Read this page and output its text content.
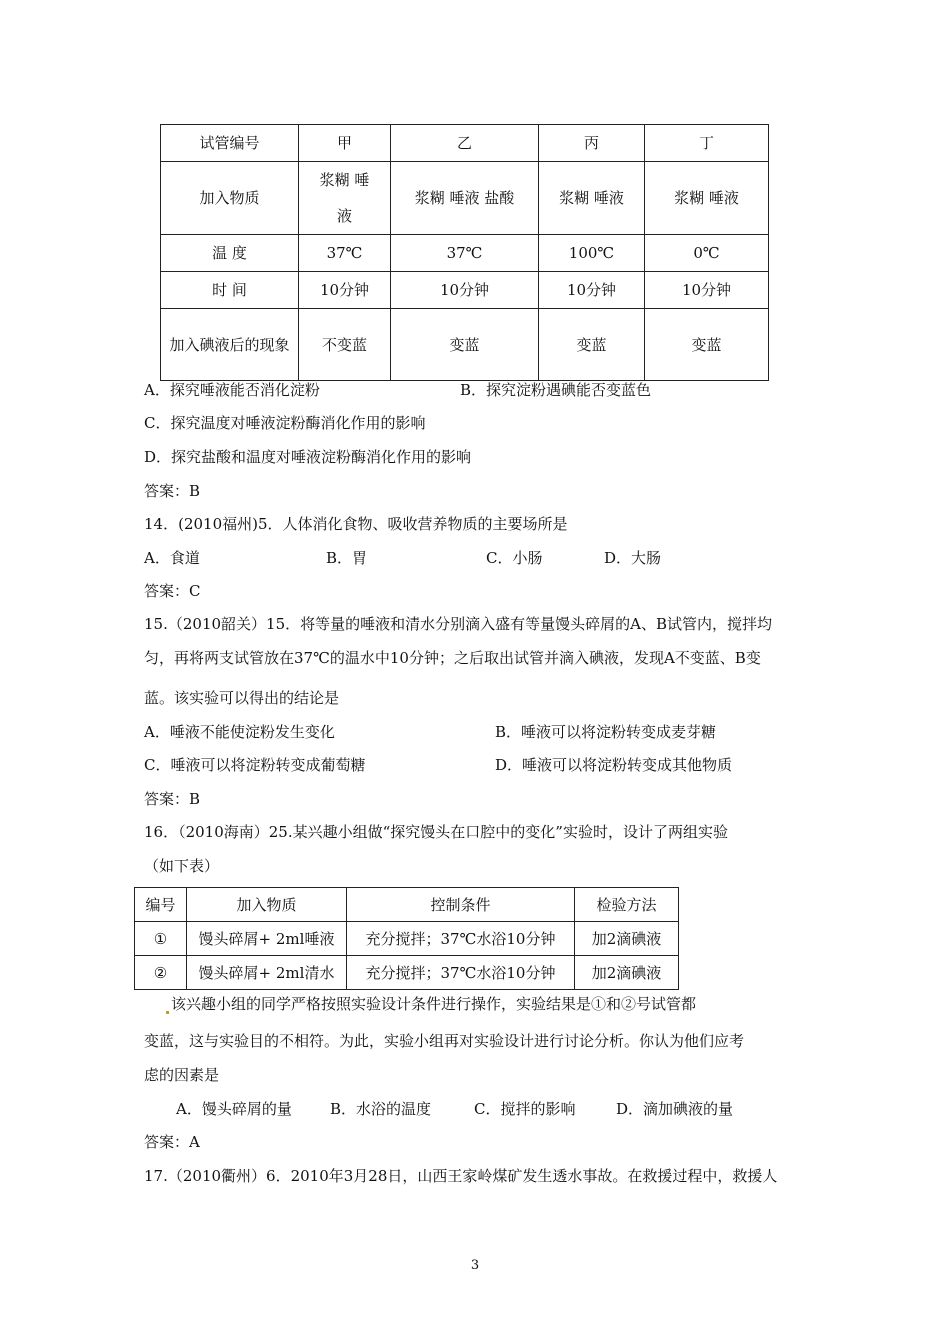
试管编号	甲	乙	丙	丁
加入物质	浆糊 唾液	浆糊 唾液 盐酸	浆糊 唾液	浆糊 唾液
温 度	37℃	37℃	100℃	0℃
时 间	10分钟	10分钟	10分钟	10分钟
加入碘液后的现象	不变蓝	变蓝	变蓝	变蓝
A．探究唾液能否消化淀粉	B．探究淀粉遇碘能否变蓝色
C．探究温度对唾液淀粉酶消化作用的影响
D．探究盐酸和温度对唾液淀粉酶消化作用的影响
答案：B
14．(2010福州)5．人体消化食物、吸收营养物质的主要场所是
A．食道	B．胃	C．小肠	D．大肠
答案：C
15.（2010韶关）15．将等量的唾液和清水分别滴入盛有等量馒头碎屑的A、B试管内，搅拌均
匀，再将两支试管放在37℃的温水中10分钟；之后取出试管并滴入碘液，发现A不变蓝、B变
蓝。该实验可以得出的结论是
A．唾液不能使淀粉发生变化	B．唾液可以将淀粉转变成麦芽糖
C．唾液可以将淀粉转变成葡萄糖	D．唾液可以将淀粉转变成其他物质
答案：B
16．（2010海南）25.某兴趣小组做“探究馒头在口腔中的变化”实验时，设计了两组实验
（如下表）
编号	加入物质	控制条件	检验方法
①	馒头碎屑+ 2ml唾液	充分搅拌；37℃水浴10分钟	加2滴碘液
②	馒头碎屑+ 2ml清水	充分搅拌；37℃水浴10分钟	加2滴碘液
该兴趣小组的同学严格按照实验设计条件进行操作，实验结果是①和②号试管都
变蓝，这与实验目的不相符。为此，实验小组再对实验设计进行讨论分析。你认为他们应考
虑的因素是
A．馒头碎屑的量	B．水浴的温度	C．搅拌的影响	D．滴加碘液的量
答案：A
17.（2010衢州）6．2010年3月28日，山西王家岭煤矿发生透水事故。在救援过程中，救援人
3
